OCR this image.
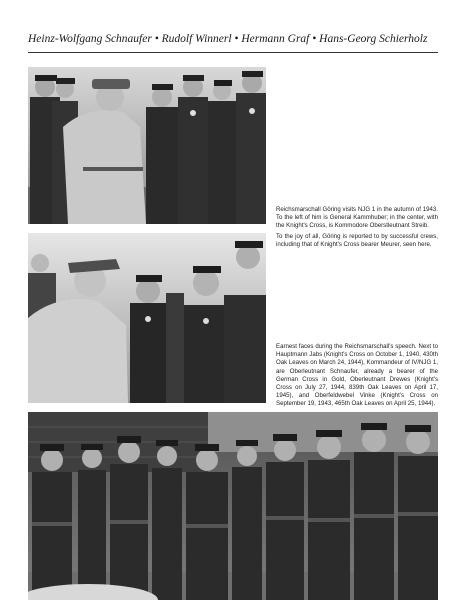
Heinz-Wolfgang Schnaufer • Rudolf Winnerl • Hermann Graf • Hans-Georg Schierholz

Reichsmarschall Göring visits NJG 1 in the autumn of 1943. To the left of him is General Kammhuber; in the center, with the Knight's Cross, is Kommodore Oberstleutnant Streib.

To the joy of all, Göring is reported to by successful crews, including that of Knight's Cross bearer Meurer, seen here.

Earnest faces during the Reichsmarschall's speech. Next to Hauptmann Jabs (Knight's Cross on October 1, 1940, 430th Oak Leaves on March 24, 1944), Kommandeur of IV/NJG 1, are Oberleutnant Schnaufer, already a bearer of the German Cross in Gold, Oberleutnant Drewes (Knight's Cross on July 27, 1944, 839th Oak Leaves on April 17, 1945), and Oberfeldwebel Vinke (Knight's Cross on September 19, 1943, 465th Oak Leaves on April 25, 1944).
